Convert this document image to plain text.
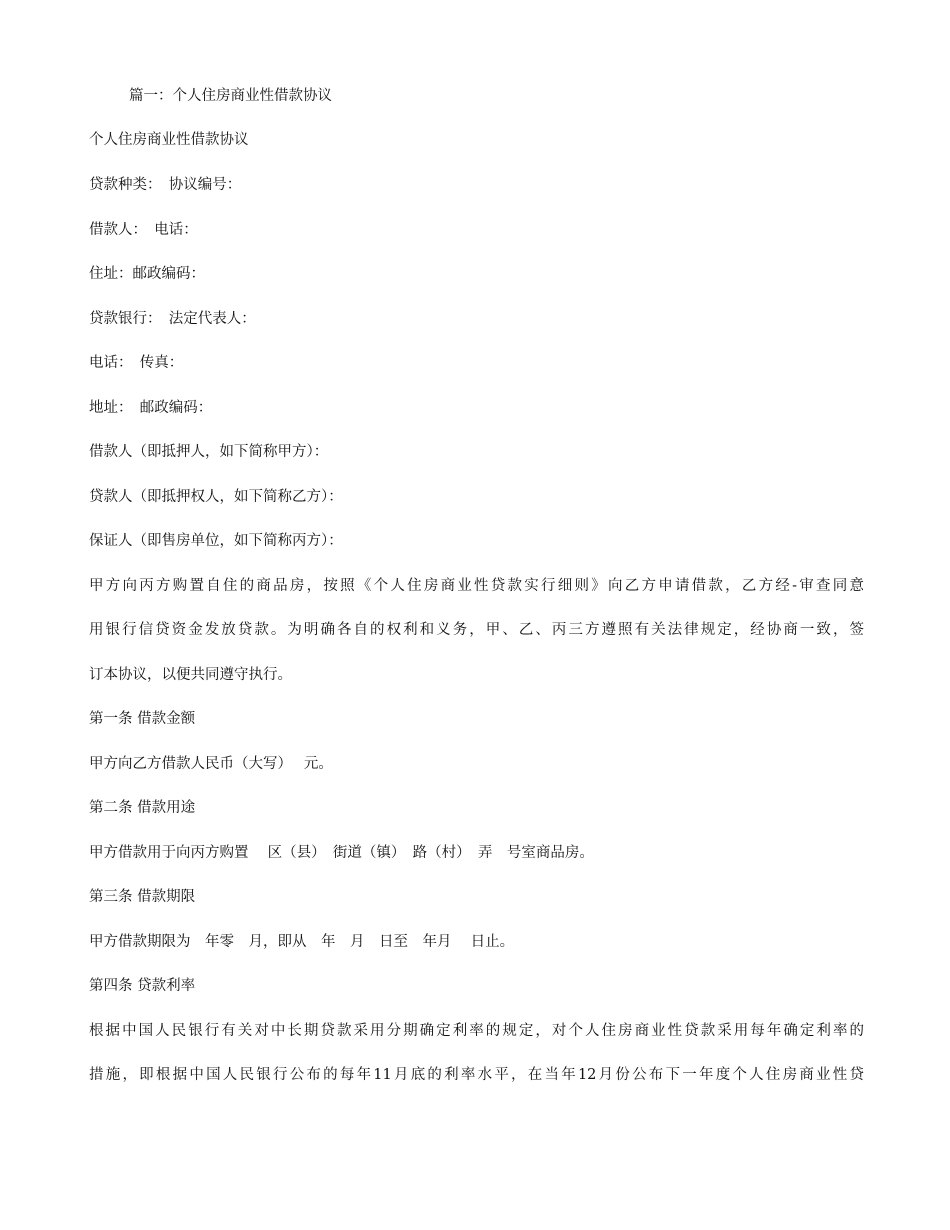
篇一：个人住房商业性借款协议
个人住房商业性借款协议
贷款种类：　协议编号：
借款人：　电话：
住址：邮政编码：
贷款银行：　法定代表人：
电话：　传真：
地址：　邮政编码：
借款人（即抵押人，如下简称甲方）：
贷款人（即抵押权人，如下简称乙方）：
保证人（即售房单位，如下简称丙方）：
甲方向丙方购置自住的商品房，按照《个人住房商业性贷款实行细则》向乙方申请借款，乙方经-审查同意
用银行信贷资金发放贷款。为明确各自的权利和义务，甲、乙、丙三方遵照有关法律规定，经协商一致，签
订本协议，以便共同遵守执行。
第一条 借款金额
甲方向乙方借款人民币（大写）　 元。
第二条 借款用途
甲方借款用于向丙方购置　 区（县）　街道（镇）　路（村）　弄　号室商品房。
第三条 借款期限
甲方借款期限为　年零　月，即从　年　月　日至　年月　 日止。
第四条 贷款利率
根据中国人民银行有关对中长期贷款采用分期确定利率的规定，对个人住房商业性贷款采用每年确定利率的
措施，即根据中国人民银行公布的每年11月底的利率水平，在当年12月份公布下一年度个人住房商业性贷
